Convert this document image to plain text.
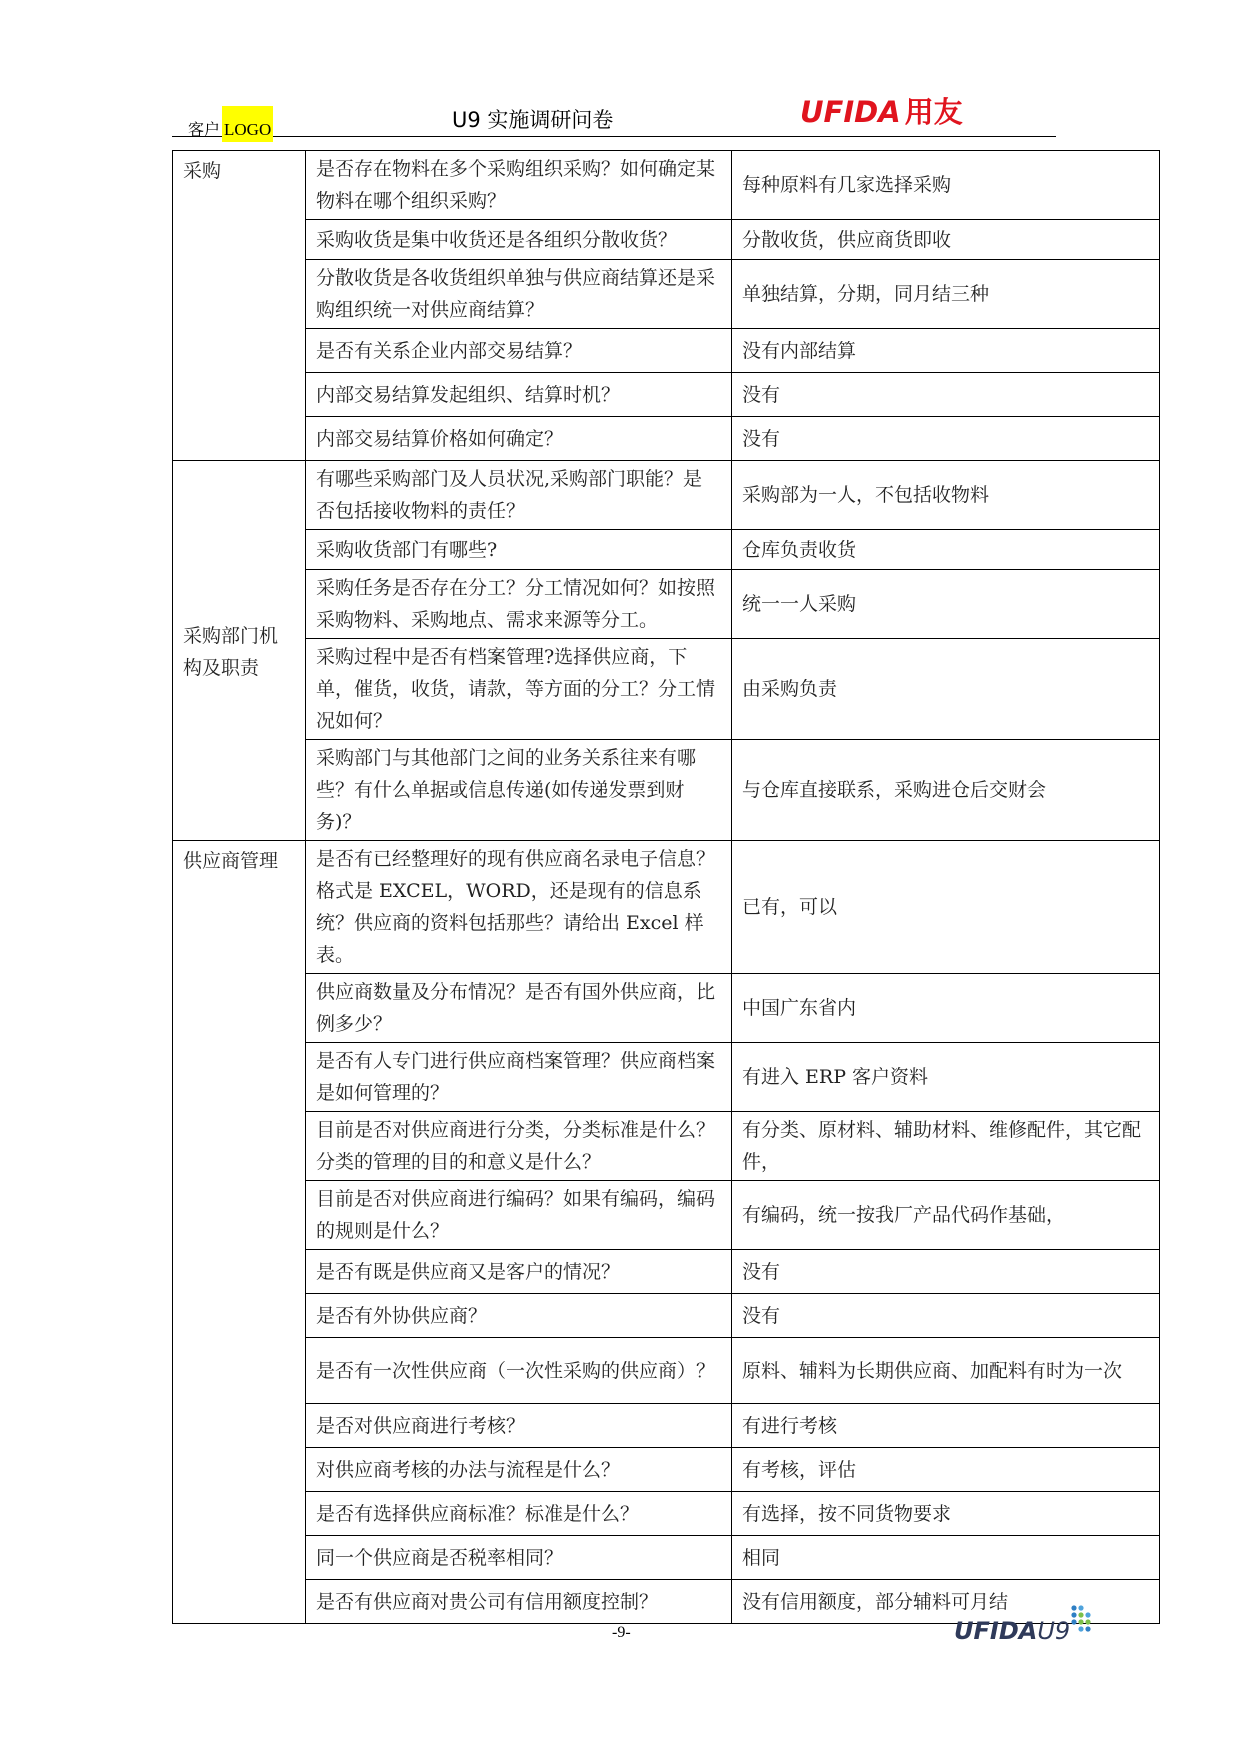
客户 LOGO	U9 实施调研问卷	UFIDA 用友
采购	是否存在物料在多个采购组织采购？如何确定某物料在哪个组织采购？	每种原料有几家选择采购
	采购收货是集中收货还是各组织分散收货？	分散收货，供应商货即收
	分散收货是各收货组织单独与供应商结算还是采购组织统一对供应商结算？	单独结算，分期，同月结三种
	是否有关系企业内部交易结算？	没有内部结算
	内部交易结算发起组织、结算时机？	没有
	内部交易结算价格如何确定？	没有
采购部门机构及职责	有哪些采购部门及人员状况,采购部门职能？是否包括接收物料的责任？	采购部为一人，不包括收物料
	采购收货部门有哪些?	仓库负责收货
	采购任务是否存在分工？分工情况如何？如按照采购物料、采购地点、需求来源等分工。	统一一人采购
	采购过程中是否有档案管理?选择供应商，下单，催货，收货，请款，等方面的分工？分工情况如何？	由采购负责
	采购部门与其他部门之间的业务关系往来有哪些？有什么单据或信息传递(如传递发票到财务)？	与仓库直接联系，采购进仓后交财会
供应商管理	是否有已经整理好的现有供应商名录电子信息？格式是 EXCEL，WORD，还是现有的信息系统？供应商的资料包括那些？请给出 Excel 样表。	已有，可以
	供应商数量及分布情况？是否有国外供应商，比例多少？	中国广东省内
	是否有人专门进行供应商档案管理？供应商档案是如何管理的？	有进入 ERP 客户资料
	目前是否对供应商进行分类，分类标准是什么？分类的管理的目的和意义是什么？	有分类、原材料、辅助材料、维修配件，其它配件，
	目前是否对供应商进行编码？如果有编码，编码的规则是什么？	有编码，统一按我厂产品代码作基础，
	是否有既是供应商又是客户的情况？	没有
	是否有外协供应商？	没有
	是否有一次性供应商（一次性采购的供应商）？	原料、辅料为长期供应商、加配料有时为一次
	是否对供应商进行考核？	有进行考核
	对供应商考核的办法与流程是什么？	有考核，评估
	是否有选择供应商标准？标准是什么？	有选择，按不同货物要求
	同一个供应商是否税率相同？	相同
	是否有供应商对贵公司有信用额度控制？	没有信用额度，部分辅料可月结
-9-	UFIDAU9
